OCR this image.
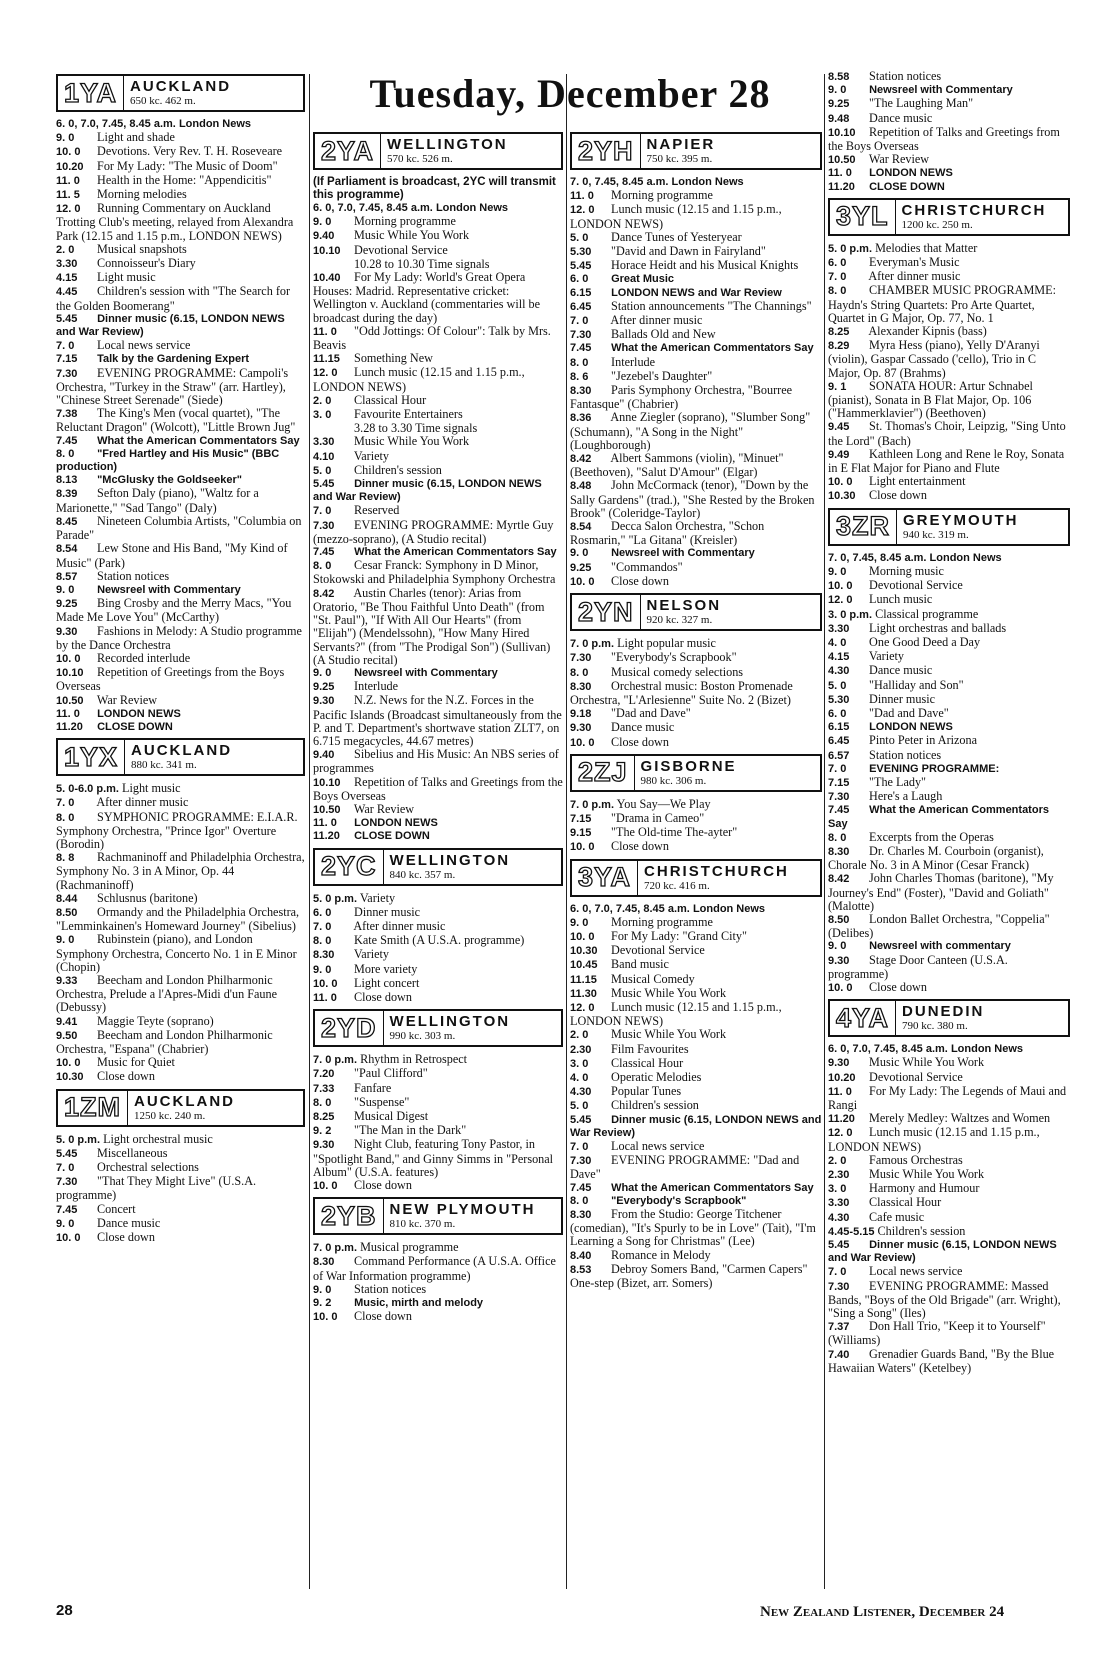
Tuesday, December 28
1YA AUCKLAND
650 kc. 462 m.
6. 0, 7.0, 7.45, 8.45 a.m. London News
9. 0 Light and shade
10. 0 Devotions. Very Rev. T. H. Roseveare
10.20 For My Lady: "The Music of Doom"
11. 0 Health in the Home: "Appendicitis"
11. 5 Morning melodies
12. 0 Running Commentary on Auckland Trotting Club's meeting, relayed from Alexandra Park (12.15 and 1.15 p.m., LONDON NEWS)
2. 0 Musical snapshots
3.30 Connoisseur's Diary
4.15 Light music
4.45 Children's session with "The Search for the Golden Boomerang"
5.45 Dinner music (6.15, LONDON NEWS and War Review)
7. 0 Local news service
7.15 Talk by the Gardening Expert
7.30 EVENING PROGRAMME: Campoli's Orchestra, "Turkey in the Straw" (arr. Hartley), "Chinese Street Serenade" (Siede)
7.38 The King's Men (vocal quartet), "The Reluctant Dragon" (Wolcott), "Little Brown Jug"
7.45 What the American Commentators Say
8. 0 "Fred Hartley and His Music" (BBC production)
8.13 "McGlusky the Goldseeker"
8.39 Sefton Daly (piano), "Waltz for a Marionette," "Sad Tango" (Daly)
8.45 Nineteen Columbia Artists, "Columbia on Parade"
8.54 Lew Stone and His Band, "My Kind of Music" (Park)
8.57 Station notices
9. 0 Newsreel with Commentary
9.25 Bing Crosby and the Merry Macs, "You Made Me Love You" (McCarthy)
9.30 Fashions in Melody: A Studio programme by the Dance Orchestra
10. 0 Recorded interlude
10.10 Repetition of Greetings from the Boys Overseas
10.50 War Review
11. 0 LONDON NEWS
11.20 CLOSE DOWN
1YX AUCKLAND
880 kc. 341 m.
5. 0-6.0 p.m. Light music
7. 0 After dinner music
8. 0 SYMPHONIC PROGRAMME: E.I.A.R. Symphony Orchestra, "Prince Igor" Overture (Borodin)
8. 8 Rachmaninoff and Philadelphia Orchestra, Symphony No. 3 in A Minor, Op. 44 (Rachmaninoff)
8.44 Schlusnus (baritone)
8.50 Ormandy and the Philadelphia Orchestra, "Lemminkainen's Homeward Journey" (Sibelius)
9. 0 Rubinstein (piano), and London Symphony Orchestra, Concerto No. 1 in E Minor (Chopin)
9.33 Beecham and London Philharmonic Orchestra, Prelude a l'Apres-Midi d'un Faune (Debussy)
9.41 Maggie Teyte (soprano)
9.50 Beecham and London Philharmonic Orchestra, "Espana" (Chabrier)
10. 0 Music for Quiet
10.30 Close down
1ZM AUCKLAND
1250 kc. 240 m.
5. 0 p.m. Light orchestral music
5.45 Miscellaneous
7. 0 Orchestral selections
7.30 "That They Might Live" (U.S.A. programme)
7.45 Concert
9. 0 Dance music
10. 0 Close down
2YA WELLINGTON
570 kc. 526 m.
(If Parliament is broadcast, 2YC will transmit this programme)
6. 0, 7.0, 7.45, 8.45 a.m. London News
9. 0 Morning programme
9.40 Music While You Work
10.10 Devotional Service
10.28 to 10.30 Time signals
10.40 For My Lady: World's Great Opera Houses: Madrid. Representative cricket: Wellington v. Auckland (commentaries will be broadcast during the day)
11. 0 "Odd Jottings: Of Colour": Talk by Mrs. Beavis
11.15 Something New
12. 0 Lunch music (12.15 and 1.15 p.m., LONDON NEWS)
2. 0 Classical Hour
3. 0 Favourite Entertainers
3.28 to 3.30 Time signals
3.30 Music While You Work
4.10 Variety
5. 0 Children's session
5.45 Dinner music (6.15, LONDON NEWS and War Review)
7. 0 Reserved
7.30 EVENING PROGRAMME: Myrtle Guy (mezzo-soprano), (A Studio recital)
7.45 What the American Commentators Say
8. 0 Cesar Franck: Symphony in D Minor, Stokowski and Philadelphia Symphony Orchestra
8.42 Austin Charles (tenor): Arias from Oratorio, "Be Thou Faithful Unto Death" (from "St. Paul"), "If With All Our Hearts" (from "Elijah") (Mendelssohn), "How Many Hired Servants?" (from "The Prodigal Son") (Sullivan) (A Studio recital)
9. 0 Newsreel with Commentary
9.25 Interlude
9.30 N.Z. News for the N.Z. Forces in the Pacific Islands (Broadcast simultaneously from the P. and T. Department's shortwave station ZLT7, on 6.715 megacycles, 44.67 metres)
9.40 Sibelius and His Music: An NBS series of programmes
10.10 Repetition of Talks and Greetings from the Boys Overseas
10.50 War Review
11. 0 LONDON NEWS
11.20 CLOSE DOWN
2YC WELLINGTON
840 kc. 357 m.
5. 0 p.m. Variety
6. 0 Dinner music
7. 0 After dinner music
8. 0 Kate Smith (A U.S.A. programme)
8.30 Variety
9. 0 More variety
10. 0 Light concert
11. 0 Close down
2YD WELLINGTON
990 kc. 303 m.
7. 0 p.m. Rhythm in Retrospect
7.20 "Paul Clifford"
7.33 Fanfare
8. 0 "Suspense"
8.25 Musical Digest
9. 2 "The Man in the Dark"
9.30 Night Club, featuring Tony Pastor, in "Spotlight Band," and Ginny Simms in "Personal Album" (U.S.A. features)
10. 0 Close down
2YB NEW PLYMOUTH
810 kc. 370 m.
7. 0 p.m. Musical programme
8.30 Command Performance (A U.S.A. Office of War Information programme)
9. 0 Station notices
9. 2 Music, mirth and melody
10. 0 Close down
2YH NAPIER
750 kc. 395 m.
7. 0, 7.45, 8.45 a.m. London News
11. 0 Morning programme
12. 0 Lunch music (12.15 and 1.15 p.m., LONDON NEWS)
5. 0 Dance Tunes of Yesteryear
5.30 "David and Dawn in Fairyland"
5.45 Horace Heidt and his Musical Knights
6. 0 Great Music
6.15 LONDON NEWS and War Review
6.45 Station announcements "The Channings"
7. 0 After dinner music
7.30 Ballads Old and New
7.45 What the American Commentators Say
8. 0 Interlude
8. 6 "Jezebel's Daughter"
8.30 Paris Symphony Orchestra, "Bourree Fantasque" (Chabrier)
8.36 Anne Ziegler (soprano), "Slumber Song" (Schumann), "A Song in the Night" (Loughborough)
8.42 Albert Sammons (violin), "Minuet" (Beethoven), "Salut D'Amour" (Elgar)
8.48 John McCormack (tenor), "Down by the Sally Gardens" (trad.), "She Rested by the Broken Brook" (Coleridge-Taylor)
8.54 Decca Salon Orchestra, "Schon Rosmarin," "La Gitana" (Kreisler)
9. 0 Newsreel with Commentary
9.25 "Commandos"
10. 0 Close down
2YN NELSON
920 kc. 327 m.
7. 0 p.m. Light popular music
7.30 "Everybody's Scrapbook"
8. 0 Musical comedy selections
8.30 Orchestral music: Boston Promenade Orchestra, "L'Arlesienne" Suite No. 2 (Bizet)
9.18 "Dad and Dave"
9.30 Dance music
10. 0 Close down
2ZJ GISBORNE
980 kc. 306 m.
7. 0 p.m. You Say—We Play
7.15 "Drama in Cameo"
9.15 "The Old-time The-ayter"
10. 0 Close down
3YA CHRISTCHURCH
720 kc. 416 m.
6. 0, 7.0, 7.45, 8.45 a.m. London News
9. 0 Morning programme
10. 0 For My Lady: "Grand City"
10.30 Devotional Service
10.45 Band music
11.15 Musical Comedy
11.30 Music While You Work
12. 0 Lunch music (12.15 and 1.15 p.m., LONDON NEWS)
2. 0 Music While You Work
2.30 Film Favourites
3. 0 Classical Hour
4. 0 Operatic Melodies
4.30 Popular Tunes
5. 0 Children's session
5.45 Dinner music (6.15, LONDON NEWS and War Review)
7. 0 Local news service
7.30 EVENING PROGRAMME: "Dad and Dave"
7.45 What the American Commentators Say
8. 0 "Everybody's Scrapbook"
8.30 From the Studio: George Titchener (comedian), "It's Spurly to be in Love" (Tait), "I'm Learning a Song for Christmas" (Lee)
8.40 Romance in Melody
8.53 Debroy Somers Band, "Carmen Capers" One-step (Bizet, arr. Somers)
8.58 Station notices
9. 0 Newsreel with Commentary
9.25 "The Laughing Man"
9.48 Dance music
10.10 Repetition of Talks and Greetings from the Boys Overseas
10.50 War Review
11. 0 LONDON NEWS
11.20 CLOSE DOWN
3YL CHRISTCHURCH
1200 kc. 250 m.
5. 0 p.m. Melodies that Matter
6. 0 Everyman's Music
7. 0 After dinner music
8. 0 CHAMBER MUSIC PROGRAMME: Haydn's String Quartets: Pro Arte Quartet, Quartet in G Major, Op. 77, No. 1
8.25 Alexander Kipnis (bass)
8.29 Myra Hess (piano), Yelly D'Aranyi (violin), Gaspar Cassado ('cello), Trio in C Major, Op. 87 (Brahms)
9. 1 SONATA HOUR: Artur Schnabel (pianist), Sonata in B Flat Major, Op. 106 ("Hammerklavier") (Beethoven)
9.45 St. Thomas's Choir, Leipzig, "Sing Unto the Lord" (Bach)
9.49 Kathleen Long and Rene le Roy, Sonata in E Flat Major for Piano and Flute
10. 0 Light entertainment
10.30 Close down
3ZR GREYMOUTH
940 kc. 319 m.
7. 0, 7.45, 8.45 a.m. London News
9. 0 Morning music
10. 0 Devotional Service
12. 0 Lunch music
3. 0 p.m. Classical programme
3.30 Light orchestras and ballads
4. 0 One Good Deed a Day
4.15 Variety
4.30 Dance music
5. 0 "Halliday and Son"
5.30 Dinner music
6. 0 "Dad and Dave"
6.15 LONDON NEWS
6.45 Pinto Peter in Arizona
6.57 Station notices
7. 0 EVENING PROGRAMME:
7.15 "The Lady"
7.30 Here's a Laugh
7.45 What the American Commentators Say
8. 0 Excerpts from the Operas
8.30 Dr. Charles M. Courboin (organist), Chorale No. 3 in A Minor (Cesar Franck)
8.42 John Charles Thomas (baritone), "My Journey's End" (Foster), "David and Goliath" (Malotte)
8.50 London Ballet Orchestra, "Coppelia" (Delibes)
9. 0 Newsreel with commentary
9.30 Stage Door Canteen (U.S.A. programme)
10. 0 Close down
4YA DUNEDIN
790 kc. 380 m.
6. 0, 7.0, 7.45, 8.45 a.m. London News
9.30 Music While You Work
10.20 Devotional Service
11. 0 For My Lady: The Legends of Maui and Rangi
11.20 Merely Medley: Waltzes and Women
12. 0 Lunch music (12.15 and 1.15 p.m., LONDON NEWS)
2. 0 Famous Orchestras
2.30 Music While You Work
3. 0 Harmony and Humour
3.30 Classical Hour
4.30 Cafe music
4.45-5.15 Children's session
5.45 Dinner music (6.15, LONDON NEWS and War Review)
7. 0 Local news service
7.30 EVENING PROGRAMME: Massed Bands, "Boys of the Old Brigade" (arr. Wright), "Sing a Song" (Iles)
7.37 Don Hall Trio, "Keep it to Yourself" (Williams)
7.40 Grenadier Guards Band, "By the Blue Hawaiian Waters" (Ketelbey)
28	New Zealand Listener, December 24
